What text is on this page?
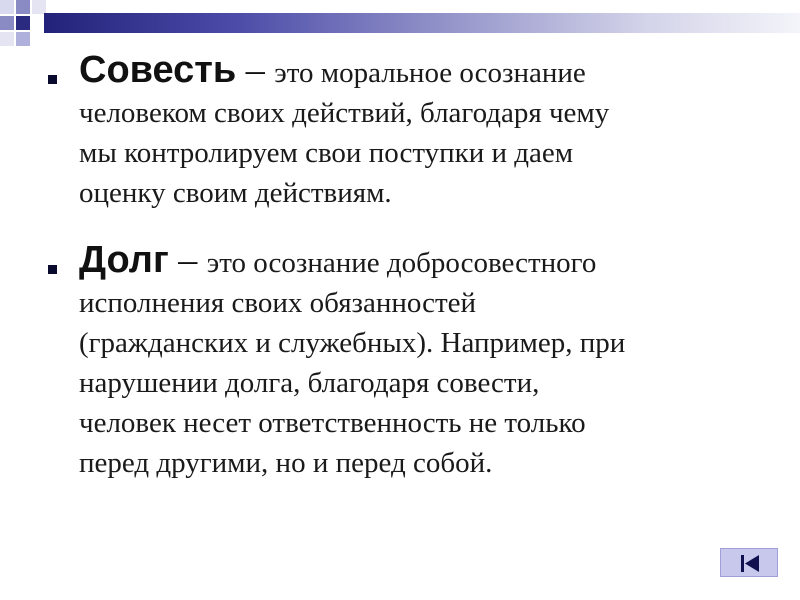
Совесть – это моральное осознание
человеком своих действий, благодаря чему
мы контролируем свои поступки и даем
оценку своим действиям.
Долг – это осознание добросовестного
исполнения своих обязанностей
(гражданских и служебных). Например, при
нарушении долга, благодаря совести,
человек несет ответственность не только
перед другими, но и перед собой.
